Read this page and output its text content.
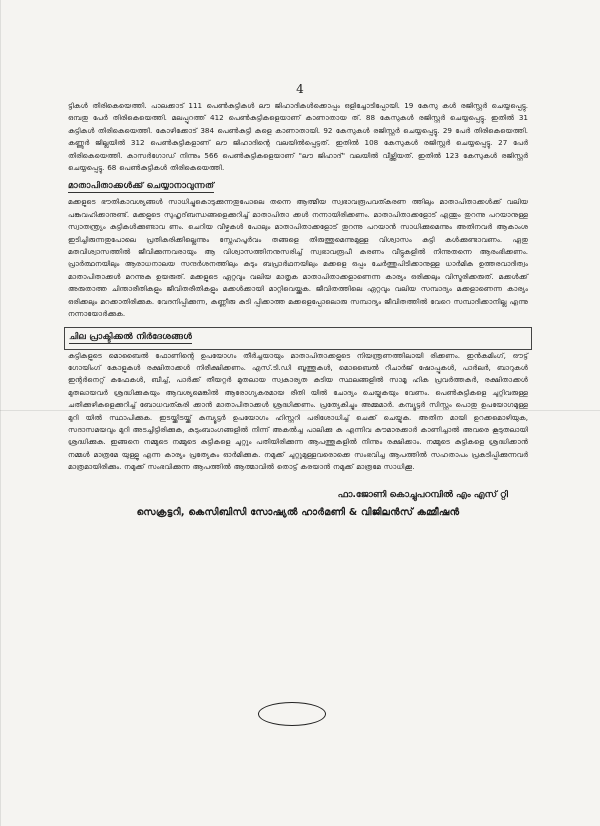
4

ട്ടികൾ തിരികെയെത്തി. പാലക്കാട് 111 പെൺകുട്ടികൾ ലൗ ജിഹാദികൾക്കൊപ്പം ഒളിച്ചോടിപ്പോയി. 19 കേസു കൾ രജിസ്റ്റർ ചെയ്യപ്പെട്ടു. ഒമ്പതു പേർ തിരികെയെത്തി. മലപ്പുറത്ത് 412 പെൺകുട്ടികളെയാണ് കാണാതായ ത്. 88 കേസുകൾ രജിസ്റ്റർ ചെയ്യപ്പെട്ടു. ഇതിൽ 31 കുട്ടികൾ തിരികെയെത്തി. കോഴിക്കോട് 384 പെൺകുട്ടി കളെ കാണാതായി. 92 കേസുകൾ രജിസ്റ്റർ ചെയ്യപ്പെട്ടു. 29 പേർ തിരികെയെത്തി. കണ്ണൂർ ജില്ലയിൽ 312 പെൺകുട്ടികളാണ് ലൗ ജിഹാദിന്റെ വലയിൽപ്പെട്ടത്. ഇതിൽ 108 കേസുകൾ രജിസ്റ്റർ ചെയ്യപ്പെട്ടു. 27 പേർ തിരികെയെത്തി. കാസർഗോഡ് നിന്നും 566 പെൺകുട്ടികളെയാണ് "ലൗ ജിഹാദ്" വലയിൽ വീഴ്ത്തിയത്. ഇതിൽ 123 കേസുകൾ രജിസ്റ്റർ ചെയ്യപ്പെട്ടു. 68 പെൺകുട്ടികൾ തിരികെയെത്തി.

മാതാപിതാക്കൾക്ക് ചെയ്യാനാവുന്നത്

മക്കളുടെ ഭൗതികാവശ്യങ്ങൾ സാധിച്ചുകൊടുക്കുന്നതുപോലെ തന്നെ ആത്മീയ സ്വഭാവരൂപവത്കരണ ത്തിലും മാതാപിതാക്കൾക്ക് വലിയ പങ്കുവഹിക്കാനുണ്ട്. മക്കളുടെ സുഹൃദ്‌ബന്ധങ്ങളെക്കുറിച്ച് മാതാപിതാ ക്കൾ നന്നായിരിക്കണം. മാതാപിതാക്കളോട് എന്തും തുറന്നു പറയാനുള്ള സ്വാതന്ത്ര്യം കുട്ടികൾക്കുണ്ടാവ ണം. ചെറിയ വീഴ്ചകൾ പോലും മാതാപിതാക്കളോട് തുറന്നു പറയാൻ സാധിക്കുമെന്നും അതിനവർ ആകാംശ ഇടിച്ചിരുന്നതുപോലെ പ്രതികരിക്കില്ലെന്നും സ്നേഹപൂർവം തങ്ങളെ തിരുത്തുമെന്നുമുള്ള വിശ്വാസം കുട്ടി കൾക്കുണ്ടാവണം. ഏതു മതവിശ്വാസത്തിൽ ജീവിക്കുന്നവരായും ആ വിശ്വാസത്തിനനുസരിച്ച് സ്വഭാവരൂപീ കരണം വീട്ടുകളിൽ നിന്നുതന്നെ ആരംഭിക്കണം. പ്രാർത്ഥനയിലും ആരാധനാലയ സന്ദർശനത്തിലും കുടും ബപ്രാർഥനയിലും മക്കളെ ഒപ്പം ചേർത്തുപിടിക്കാനുള്ള ധാർമിക ഉത്തരവാദിത്വം മാതാപിതാക്കൾ മറന്നുക ഉയരുത്. മക്കളുടെ ഏറ്റവും വലിയ മാതൃക മാതാപിതാക്കളാണെന്ന കാര്യം ഒരിക്കലും വിസ്മരിക്കരുത്. മക്കൾക്ക് അരുതാത്ത ചിന്താരീതികളും ജീവിതരീതികളും മക്കൾക്കായി മാറ്റിവെയ്ക്കുക. ജീവിതത്തിലെ ഏറ്റവും വലിയ സമ്പാദ്യം മക്കളാണെന്ന കാര്യം ഒരിക്കലും മറക്കാതിരിക്കുക. വേദനിപ്പിക്കുന്ന, കണ്ണീരു കുടി പ്പിക്കാത്ത മക്കളെപ്പോലൊരു സമ്പാദ്യം ജീവിതത്തിൽ വേറെ സമ്പാദിക്കാനില്ല എന്നു നന്നായോർക്കുക.

ചില പ്രാക്ടിക്കൽ നിർദേശങ്ങൾ

കുട്ടികളുടെ മൊബൈൽ ഫോണിന്റെ ഉപയോഗം തീർച്ചയായും മാതാപിതാക്കളുടെ നിയന്ത്രണത്തിലായി രിക്കണം. ഇൻകമിംഗ്, ഔട്ട് ഗോയിംഗ് കോളുകൾ രക്ഷിതാക്കൾ നിരീക്ഷിക്കണം. എസ്.ടി.ഡി ബൂത്തുകൾ, മൊബൈൽ റീചാർജ് ഷോപ്പുകൾ, പാർലർ, ബാറുകൾ ഇന്റർനെറ്റ് കഫേകൾ, ബീച്ച്, പാർക്ക് തീയറ്റർ മുതലായ സ്വകാര്യത കുടിയ സ്ഥലങ്ങളിൽ സാമൂ ഹിക പ്രവർത്തകർ, രക്ഷിതാക്കൾ മുതലായവർ ശ്രദ്ധിക്കുകയും ആവശ്യമെങ്കിൽ ആരോഗ്യകരമായ രീതി യിൽ ചോദ്യം ചെയ്യുകയും വേണം. പെൺകുട്ടികളെ ചുറ്റിവരുള്ള ചതിക്കുഴികളെക്കുറിച്ച് ബോധവത്കരി ക്കാൻ മാതാപിതാക്കൾ ശ്രദ്ധിക്കണം. പ്രത്യേകിച്ചും അമ്മമാർ. കമ്പ്യൂട്ടർ സിസ്റ്റം പൊതു ഉപയോഗമുള്ള മുറി യിൽ സ്ഥാപിക്കുക. ഇടയ്ക്കിടയ്ക്ക് കമ്പ്യൂട്ടർ ഉപയോഗം ഹിസ്റ്ററി പരിശോധിച്ച് ചെക്ക് ചെയ്യുക. അതിന മായി ഉറക്കമൊഴിയുക, സദാസമയവും മുറി അടച്ചിട്ടിരിക്കുക, കുടുംബാംഗങ്ങളിൽ നിന്ന് അകൽച്ച പാലിക്കു ക എന്നിവ കൗമാരക്കാർ കാണിച്ചാൽ അവരെ കൂടുതലായി ശ്രദ്ധിക്കുക. ഇങ്ങനെ നമ്മുടെ നമ്മുടെ കുട്ടികളെ ചുറ്റും പതിയിരിക്കുന്ന ആപത്തുകളിൽ നിന്നും രക്ഷിക്കാം. നമ്മുടെ കുട്ടികളെ ശ്രദ്ധിക്കാൻ നമ്മൾ മാത്രമേ യുള്ളൂ എന്ന കാര്യം പ്രത്യേകം ഓർമിക്കുക. നമുക്ക് ചുറ്റുമുള്ളവരൊക്കെ സംഭവിച്ച ആപത്തിൽ സഹതാപം പ്രകടിപ്പിക്കുന്നവർ മാത്രമായിരിക്കും. നമുക്ക് സംഭവിക്കുന്ന ആപത്തിൽ ആത്മാവിൽ തൊട്ട് കരയാൻ നമുക്ക് മാത്രമേ സാധിക്കൂ.

ഫാ.ജോണി കൊച്ചുപറമ്പിൽ എം എസ് റ്റി
സെക്രട്ടറി, കെസിബിസി സോഷ്യൽ ഹാർമണി & വിജിലൻസ് കമ്മീഷൻ
